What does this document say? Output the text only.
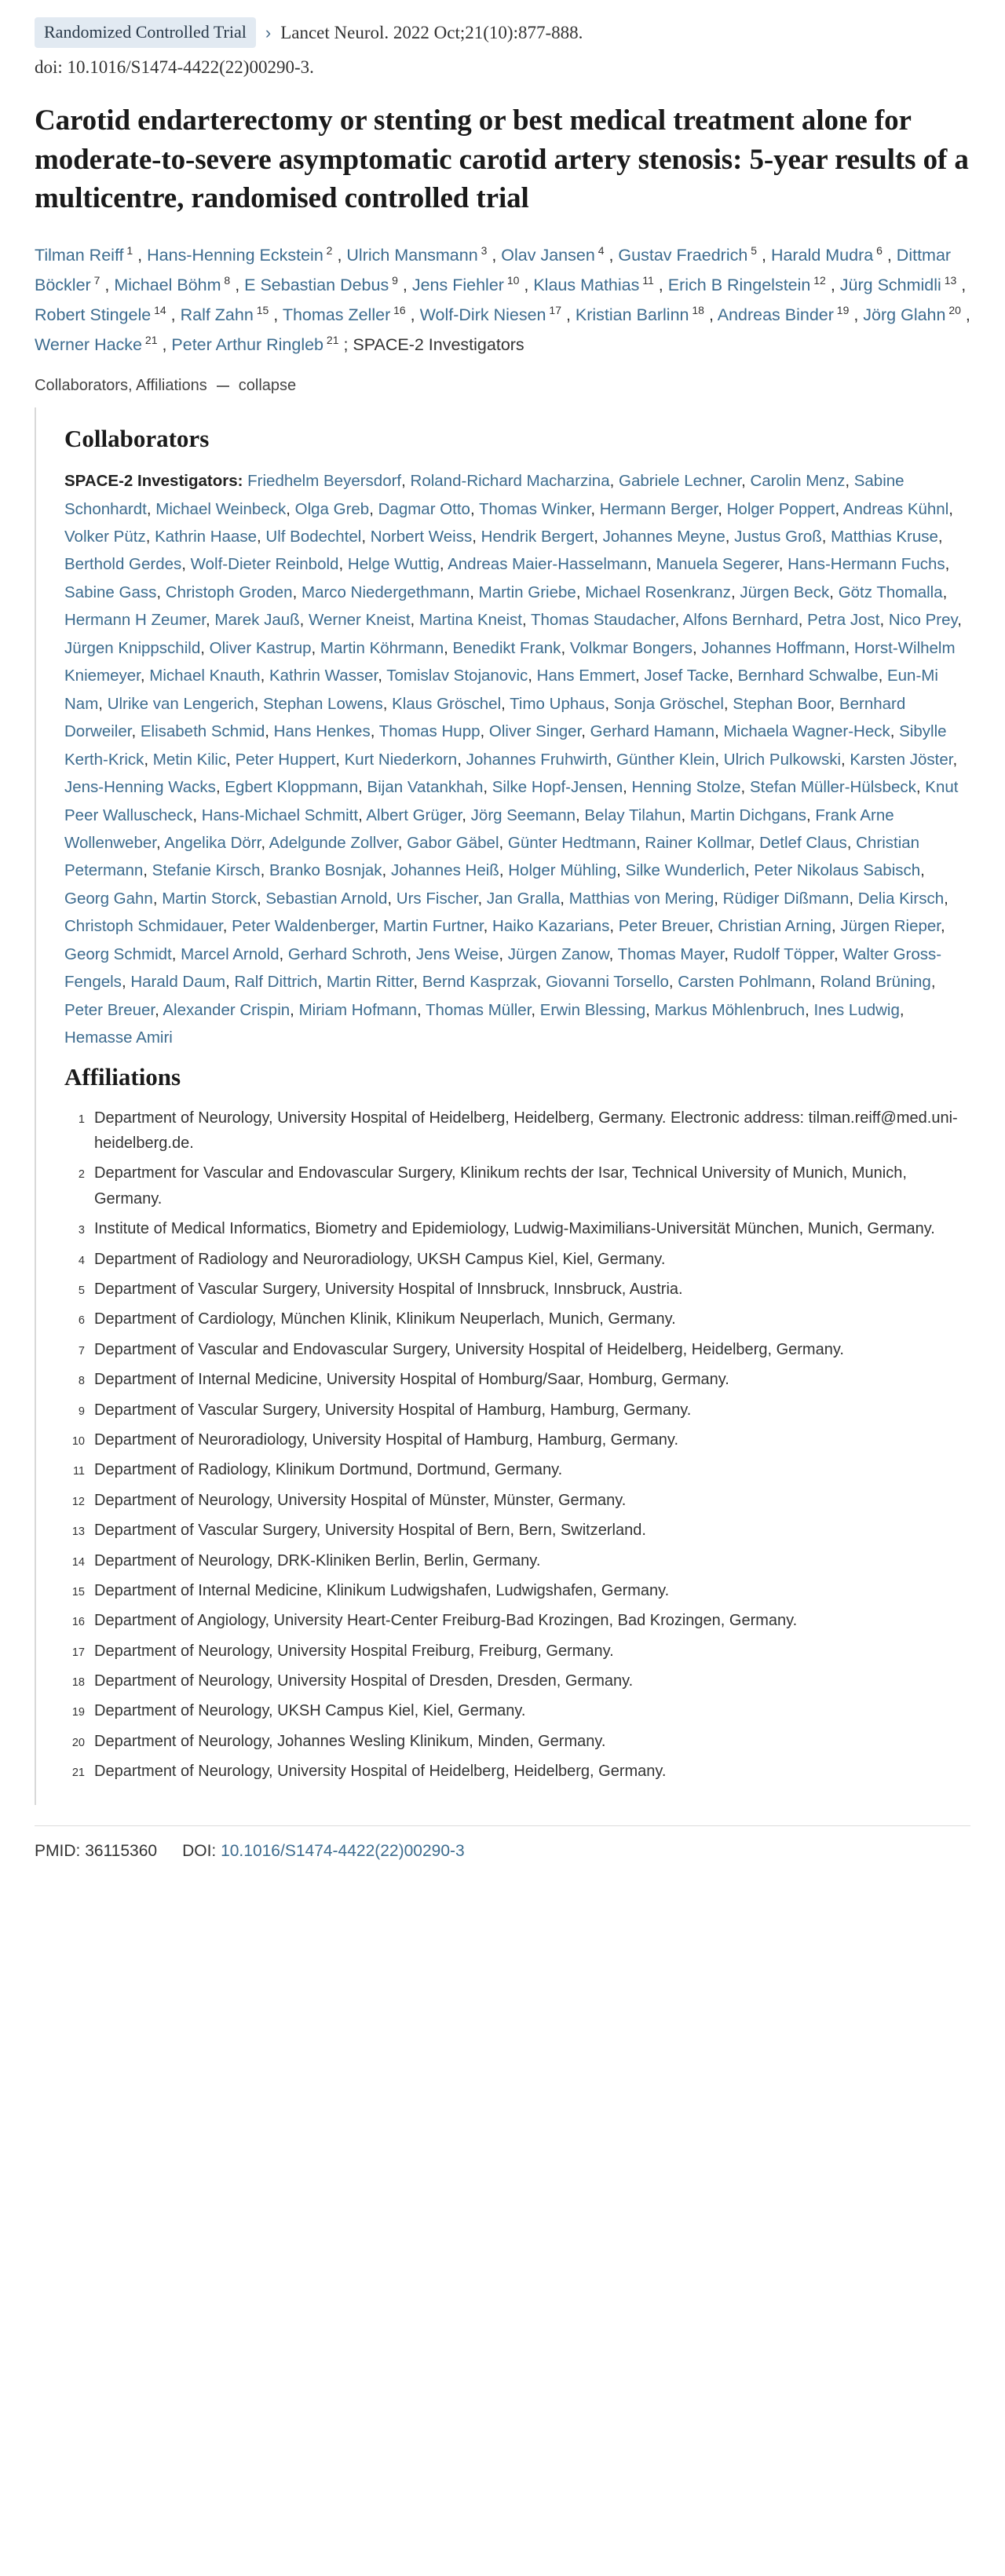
Randomized Controlled Trial	› Lancet Neurol. 2022 Oct;21(10):877-888.
doi: 10.1016/S1474-4422(22)00290-3.
Carotid endarterectomy or stenting or best medical treatment alone for moderate-to-severe asymptomatic carotid artery stenosis: 5-year results of a multicentre, randomised controlled trial
Tilman Reiff $^1$ , Hans-Henning Eckstein $^2$ , Ulrich Mansmann $^3$ , Olav Jansen $^4$ , Gustav Fraedrich $^5$ , Harald Mudra $^6$ , Dittmar Böckler $^7$ , Michael Böhm $^8$ , E Sebastian Debus $^9$ , Jens Fiehler $^{10}$ , Klaus Mathias $^{11}$ , Erich B Ringelstein $^{12}$ , Jürg Schmidli $^{13}$ , Robert Stingele $^{14}$ , Ralf Zahn $^{15}$ , Thomas Zeller $^{16}$ , Wolf-Dirk Niesen $^{17}$ , Kristian Barlinn $^{18}$ , Andreas Binder $^{19}$ , Jörg Glahn $^{20}$ , Werner Hacke $^{21}$ , Peter Arthur Ringleb $^{21}$ ; SPACE-2 Investigators
Collaborators, Affiliations collapse
Collaborators
SPACE-2 Investigators: Friedhelm Beyersdorf, Roland-Richard Macharzina, Gabriele Lechner, Carolin Menz, Sabine Schonhardt, Michael Weinbeck, Olga Greb, Dagmar Otto, Thomas Winker, Hermann Berger, Holger Poppert, Andreas Kühnl, Volker Pütz, Kathrin Haase, Ulf Bodechtel, Norbert Weiss, Hendrik Bergert, Johannes Meyne, Justus Groß, Matthias Kruse, Berthold Gerdes, Wolf-Dieter Reinbold, Helge Wuttig, Andreas Maier-Hasselmann, Manuela Segerer, Hans-Hermann Fuchs, Sabine Gass, Christoph Groden, Marco Niedergethmann, Martin Griebe, Michael Rosenkranz, Jürgen Beck, Götz Thomalla, Hermann H Zeumer, Marek Jauß, Werner Kneist, Martina Kneist, Thomas Staudacher, Alfons Bernhard, Petra Jost, Nico Prey, Jürgen Knippschild, Oliver Kastrup, Martin Köhrmann, Benedikt Frank, Volkmar Bongers, Johannes Hoffmann, Horst-Wilhelm Kniemeyer, Michael Knauth, Kathrin Wasser, Tomislav Stojanovic, Hans Emmert, Josef Tacke, Bernhard Schwalbe, Eun-Mi Nam, Ulrike van Lengerich, Stephan Lowens, Klaus Gröschel, Timo Uphaus, Sonja Gröschel, Stephan Boor, Bernhard Dorweiler, Elisabeth Schmid, Hans Henkes, Thomas Hupp, Oliver Singer, Gerhard Hamann, Michaela Wagner-Heck, Sibylle Kerth-Krick, Metin Kilic, Peter Huppert, Kurt Niederkorn, Johannes Fruhwirth, Günther Klein, Ulrich Pulkowski, Karsten Jöster, Jens-Henning Wacks, Egbert Kloppmann, Bijan Vatankhah, Silke Hopf-Jensen, Henning Stolze, Stefan Müller-Hülsbeck, Knut Peer Walluscheck, Hans-Michael Schmitt, Albert Grüger, Jörg Seemann, Belay Tilahun, Martin Dichgans, Frank Arne Wollenweber, Angelika Dörr, Adelgunde Zollver, Gabor Gäbel, Günter Hedtmann, Rainer Kollmar, Detlef Claus, Christian Petermann, Stefanie Kirsch, Branko Bosnjak, Johannes Heiß, Holger Mühling, Silke Wunderlich, Peter Nikolaus Sabisch, Georg Gahn, Martin Storck, Sebastian Arnold, Urs Fischer, Jan Gralla, Matthias von Mering, Rüdiger Dißmann, Delia Kirsch, Christoph Schmidauer, Peter Waldenberger, Martin Furtner, Haiko Kazarians, Peter Breuer, Christian Arning, Jürgen Rieper, Georg Schmidt, Marcel Arnold, Gerhard Schroth, Jens Weise, Jürgen Zanow, Thomas Mayer, Rudolf Töpper, Walter Gross-Fengels, Harald Daum, Ralf Dittrich, Martin Ritter, Bernd Kasprzak, Giovanni Torsello, Carsten Pohlmann, Roland Brüning, Peter Breuer, Alexander Crispin, Miriam Hofmann, Thomas Müller, Erwin Blessing, Markus Möhlenbruch, Ines Ludwig, Hemasse Amiri
Affiliations
1 Department of Neurology, University Hospital of Heidelberg, Heidelberg, Germany. Electronic address: tilman.reiff@med.uni-heidelberg.de.
2 Department for Vascular and Endovascular Surgery, Klinikum rechts der Isar, Technical University of Munich, Munich, Germany.
3 Institute of Medical Informatics, Biometry and Epidemiology, Ludwig-Maximilians-Universität München, Munich, Germany.
4 Department of Radiology and Neuroradiology, UKSH Campus Kiel, Kiel, Germany.
5 Department of Vascular Surgery, University Hospital of Innsbruck, Innsbruck, Austria.
6 Department of Cardiology, München Klinik, Klinikum Neuperlach, Munich, Germany.
7 Department of Vascular and Endovascular Surgery, University Hospital of Heidelberg, Heidelberg, Germany.
8 Department of Internal Medicine, University Hospital of Homburg/Saar, Homburg, Germany.
9 Department of Vascular Surgery, University Hospital of Hamburg, Hamburg, Germany.
10 Department of Neuroradiology, University Hospital of Hamburg, Hamburg, Germany.
11 Department of Radiology, Klinikum Dortmund, Dortmund, Germany.
12 Department of Neurology, University Hospital of Münster, Münster, Germany.
13 Department of Vascular Surgery, University Hospital of Bern, Bern, Switzerland.
14 Department of Neurology, DRK-Kliniken Berlin, Berlin, Germany.
15 Department of Internal Medicine, Klinikum Ludwigshafen, Ludwigshafen, Germany.
16 Department of Angiology, University Heart-Center Freiburg-Bad Krozingen, Bad Krozingen, Germany.
17 Department of Neurology, University Hospital Freiburg, Freiburg, Germany.
18 Department of Neurology, University Hospital of Dresden, Dresden, Germany.
19 Department of Neurology, UKSH Campus Kiel, Kiel, Germany.
20 Department of Neurology, Johannes Wesling Klinikum, Minden, Germany.
21 Department of Neurology, University Hospital of Heidelberg, Heidelberg, Germany.
PMID: 36115360 DOI: 10.1016/S1474-4422(22)00290-3
